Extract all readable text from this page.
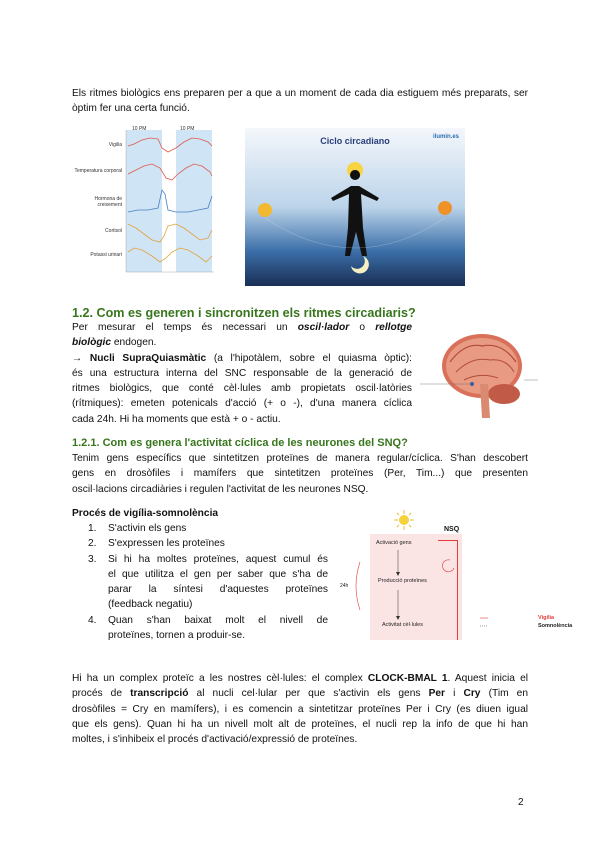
Els ritmes biològics ens preparen per a que a un moment de cada dia estiguem més preparats, ser òptim fer una certa funció.
10 PM	10 PM
Vigilia
Temperatura corporal
Hormona de creixement
Cortisol
Potassi urinari
Ciclo circadiano	ilumin.es
1.2. Com es generen i sincronitzen els ritmes circadiaris?
Per mesurar el temps és necessari un oscil·lador o rellotge
biològic endogen.
→ Nucli SupraQuiasmàtic (a l'hipotàlem, sobre el quiasma òptic):
és una estructura interna del SNC responsable de la generació de
ritmes biològics, que conté cèl·lules amb propietats oscil·latòries
(rítmiques): emeten potenicals d'acció (+ o -), d'una manera cíclica
cada 24h. Hi ha moments que està + o - actiu.
1.2.1. Com es genera l'activitat cíclica de les neurones del SNQ?
Tenim gens específics que sintetitzen proteïnes de manera regular/cíclica. S'han descobert
gens en drosòfiles i mamífers que sintetitzen proteïnes (Per, Tim...) que presenten
oscil·lacions circadiàries i regulen l'activitat de les neurones NSQ.
Procés de vigília-somnolència
1. S'activin els gens
2. S'expressen les proteïnes
3. Si hi ha moltes proteïnes, aquest cumul és
el que utilitza el gen per saber que s'ha de
parar la síntesi d'aquestes proteïnes
(feedback negatiu)
4. Quan s'han baixat molt el nivell de
proteïnes, tornen a produir-se.
NSQ
Activació gens
Producció proteïnes
Activitat cèl·lules
24h
Vigília
Somnolència
Hi ha un complex proteïc a les nostres cèl·lules: el complex CLOCK-BMAL 1. Aquest inicia el
procés de transcripció al nucli cel·lular per que s'activin els gens Per i Cry (Tim en
drosòfiles = Cry en mamífers), i es comencin a sintetitzar proteïnes Per i Cry (es diuen igual
que els gens). Quan hi ha un nivell molt alt de proteïnes, el nucli rep la info de que hi han
moltes, i s'inhibeix el procés d'activació/expressió de proteïnes.
2
